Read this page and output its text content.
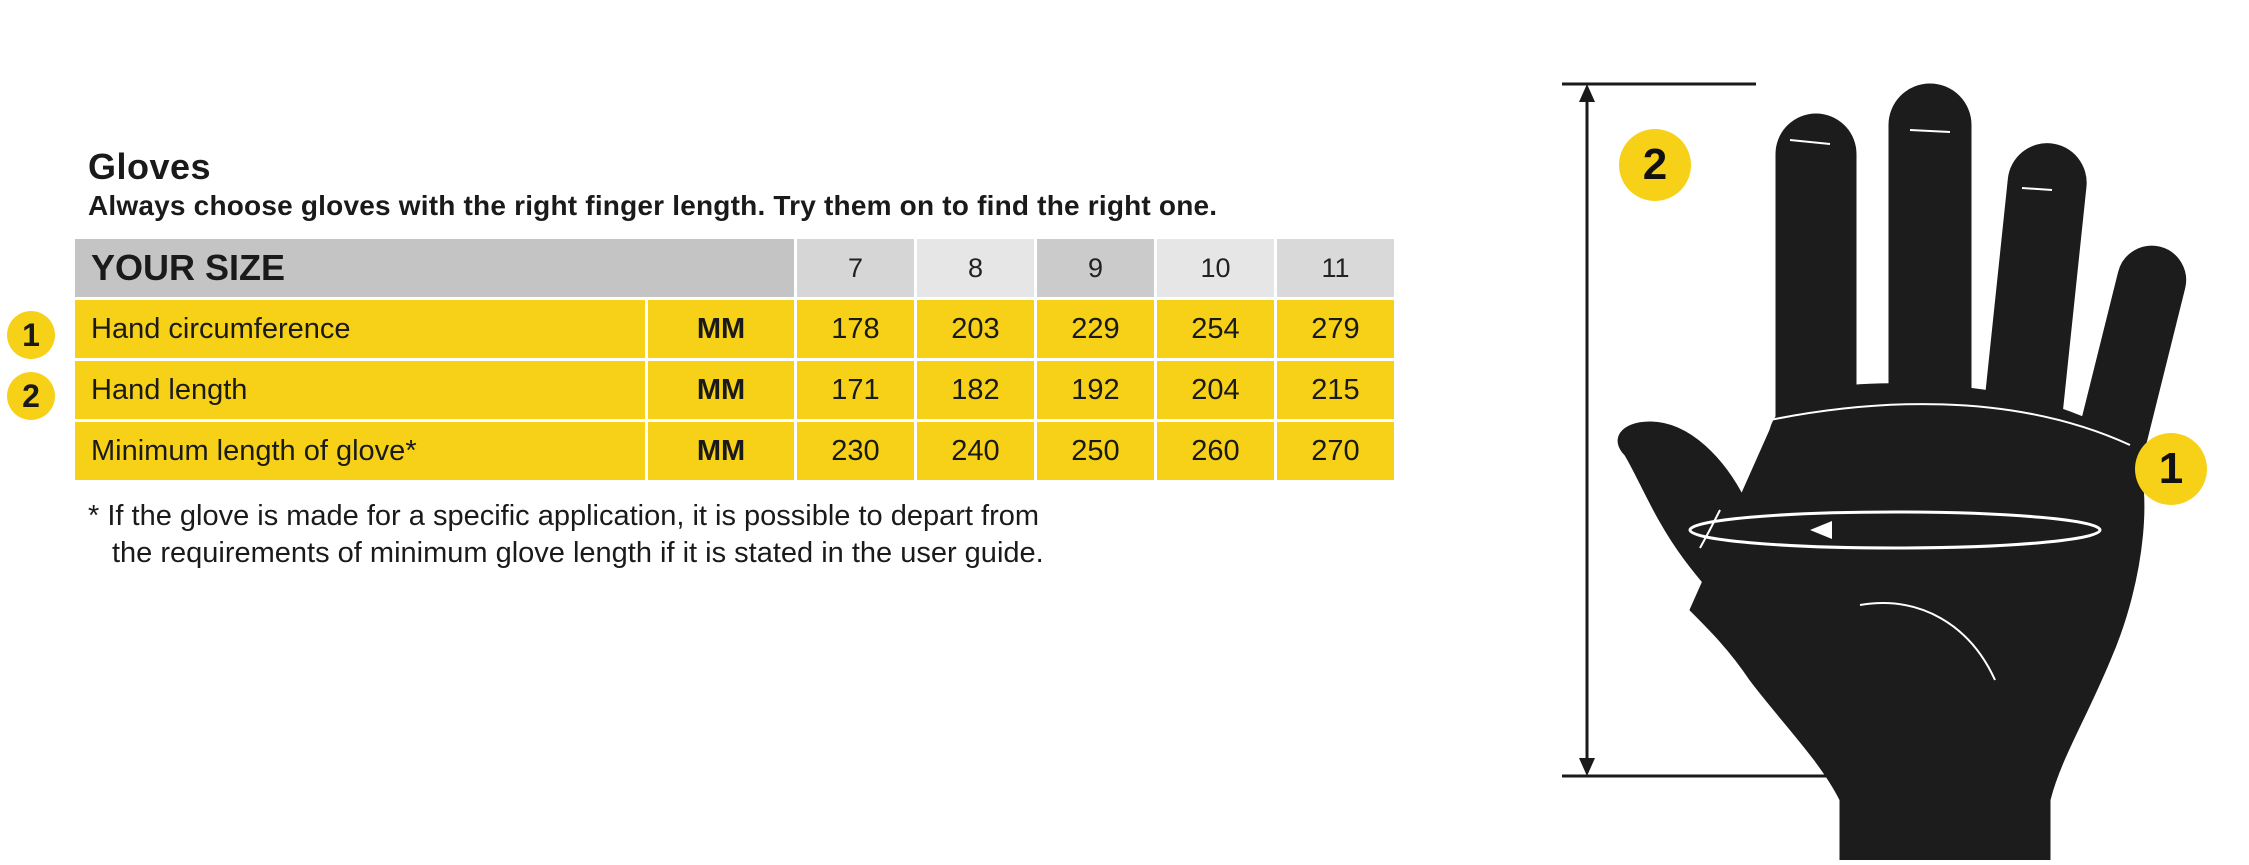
Gloves
Always choose gloves with the right finger length. Try them on to find the right one.
1
2
YOUR SIZE		7	8	9	10	11
Hand circumference	MM	178	203	229	254	279
Hand length	MM	171	182	192	204	215
Minimum length of glove*	MM	230	240	250	260	270
* If the glove is made for a specific application, it is possible to depart from
the requirements of minimum glove length if it is stated in the user guide.
2
1
